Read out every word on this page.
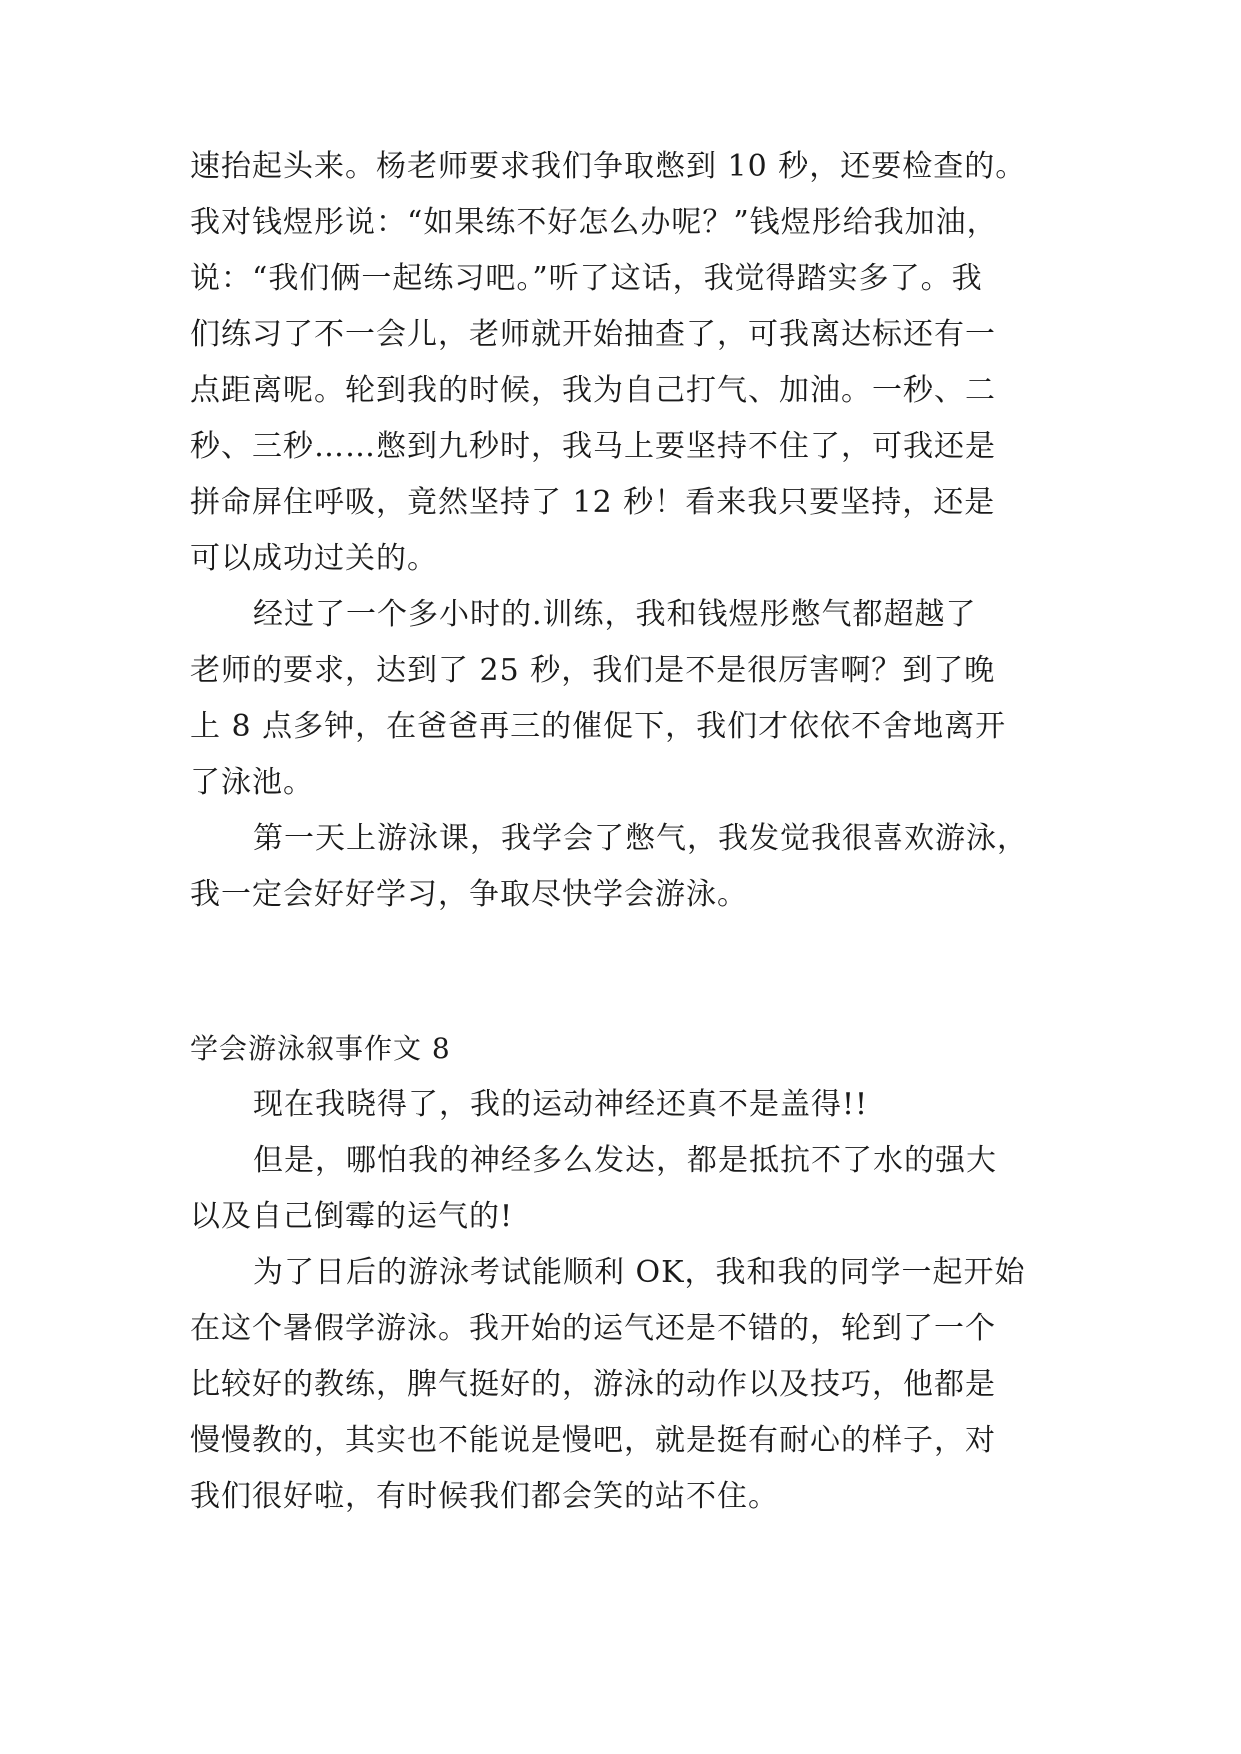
速抬起头来。杨老师要求我们争取憋到 10 秒，还要检查的。
我对钱煜彤说：“如果练不好怎么办呢？”钱煜彤给我加油，
说：“我们俩一起练习吧。”听了这话，我觉得踏实多了。我
们练习了不一会儿，老师就开始抽查了，可我离达标还有一
点距离呢。轮到我的时候，我为自己打气、加油。一秒、二
秒、三秒……憋到九秒时，我马上要坚持不住了，可我还是
拼命屏住呼吸，竟然坚持了 12 秒！看来我只要坚持，还是
可以成功过关的。
经过了一个多小时的.训练，我和钱煜彤憋气都超越了
老师的要求，达到了 25 秒，我们是不是很厉害啊？到了晚
上 8 点多钟，在爸爸再三的催促下，我们才依依不舍地离开
了泳池。
第一天上游泳课，我学会了憋气，我发觉我很喜欢游泳，
我一定会好好学习，争取尽快学会游泳。
学会游泳叙事作文 8
现在我晓得了，我的运动神经还真不是盖得!!
但是，哪怕我的神经多么发达，都是抵抗不了水的强大
以及自己倒霉的运气的!
为了日后的游泳考试能顺利 OK，我和我的同学一起开始
在这个暑假学游泳。我开始的运气还是不错的，轮到了一个
比较好的教练，脾气挺好的，游泳的动作以及技巧，他都是
慢慢教的，其实也不能说是慢吧，就是挺有耐心的样子，对
我们很好啦，有时候我们都会笑的站不住。
